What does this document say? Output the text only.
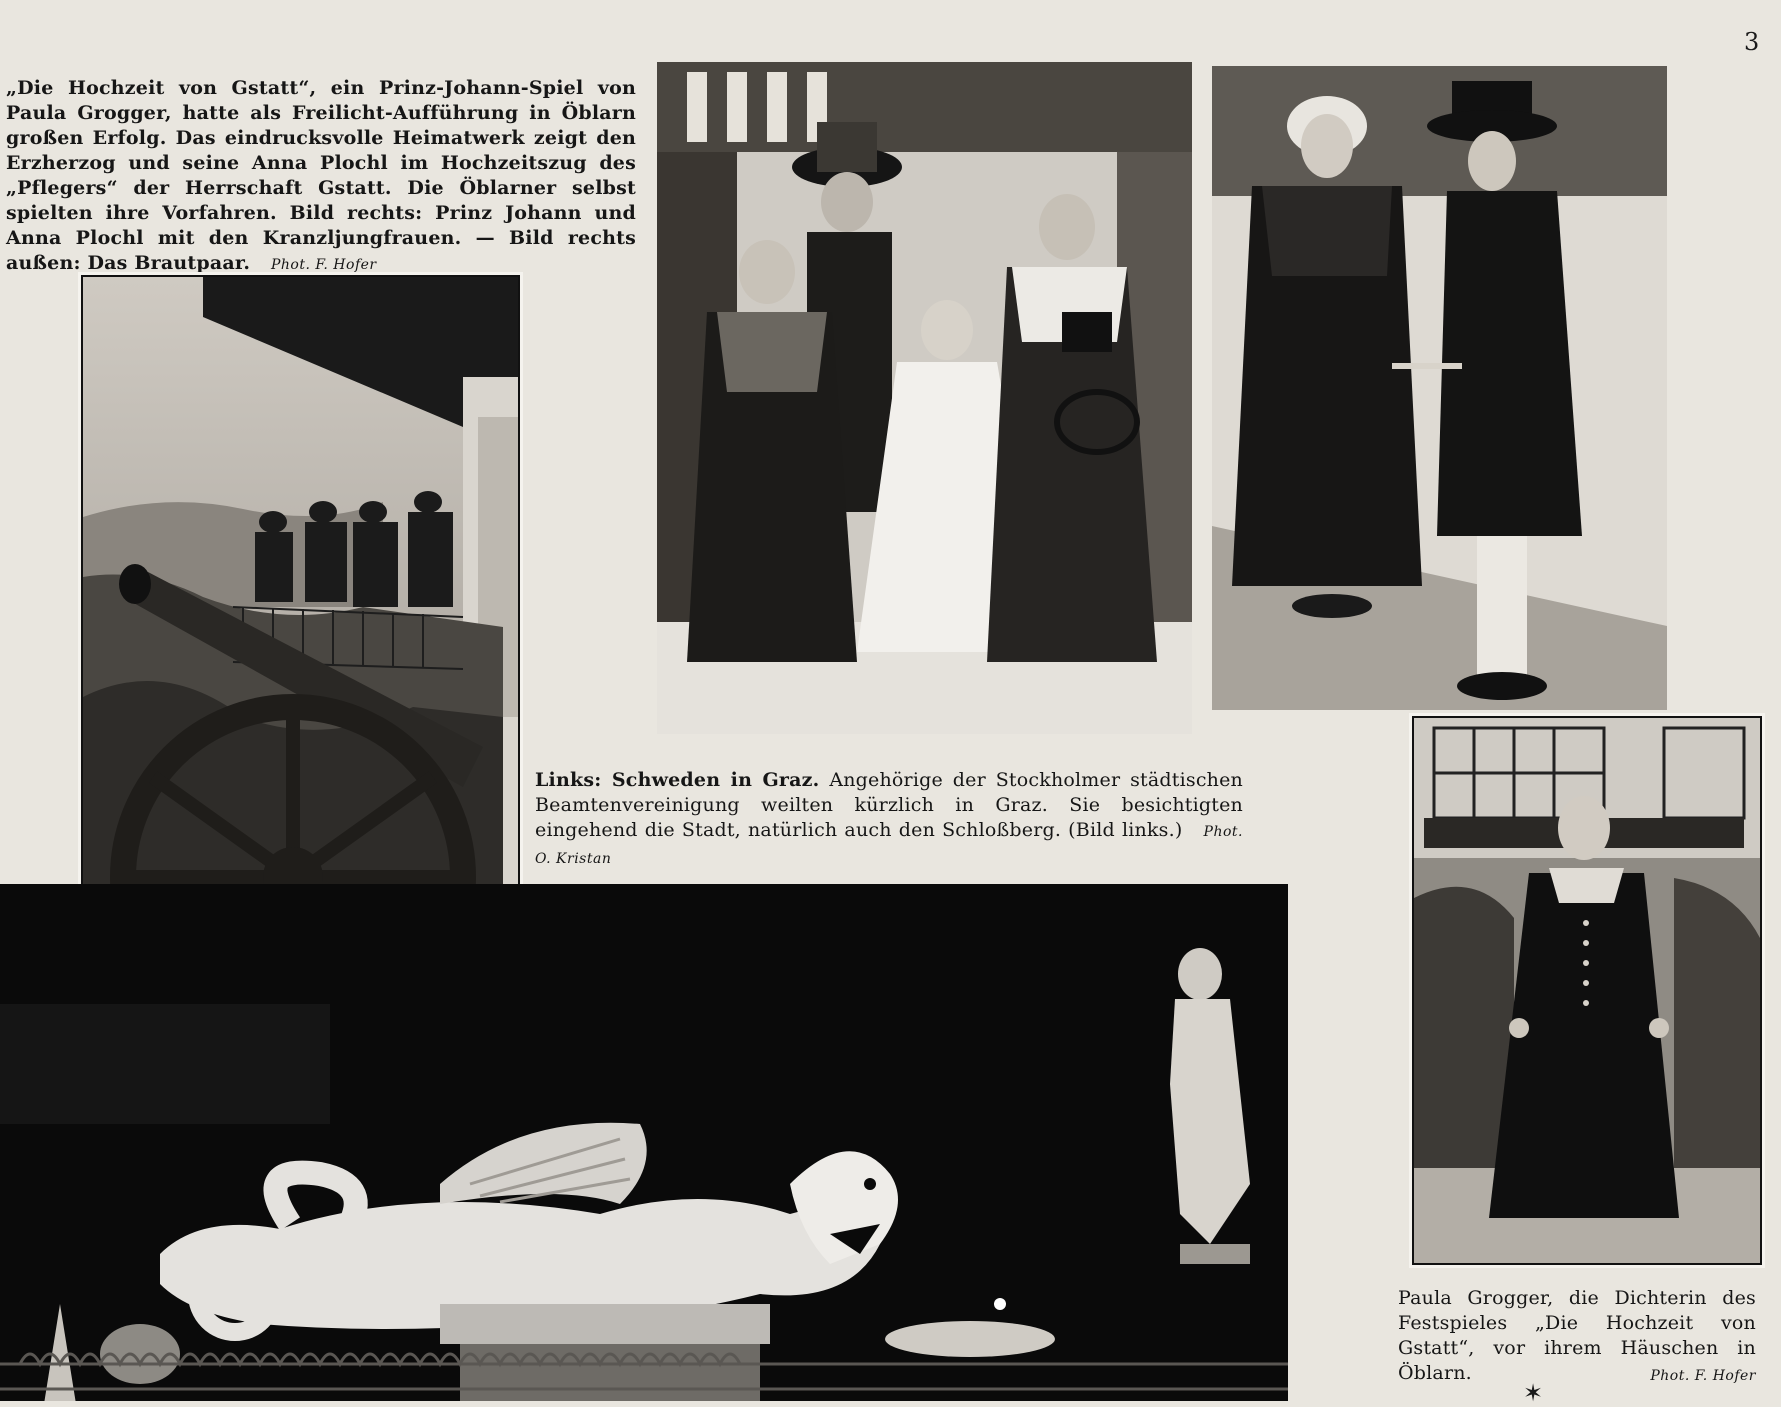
3
„Die Hochzeit von Gstatt“, ein Prinz-Johann-Spiel von Paula Grogger, hatte als Freilicht-Aufführung in Öblarn großen Erfolg. Das eindrucksvolle Heimatwerk zeigt den Erzherzog und seine Anna Plochl im Hochzeitszug des „Pflegers“ der Herrschaft Gstatt. Die Öblarner selbst spielten ihre Vorfahren. Bild rechts: Prinz Johann und Anna Plochl mit den Kranzljungfrauen. — Bild rechts außen: Das Brautpaar. Phot. F. Hofer
Links: Schweden in Graz. Angehörige der Stockholmer städtischen Beamtenvereinigung weilten kürzlich in Graz. Sie besichtigten eingehend die Stadt, natürlich auch den Schloßberg. (Bild links.) Phot. O. Kristan
Paula Grogger, die Dichterin des Festspieles „Die Hochzeit von Gstatt“, vor ihrem Häuschen in Öblarn.	Phot. F. Hofer
✶
